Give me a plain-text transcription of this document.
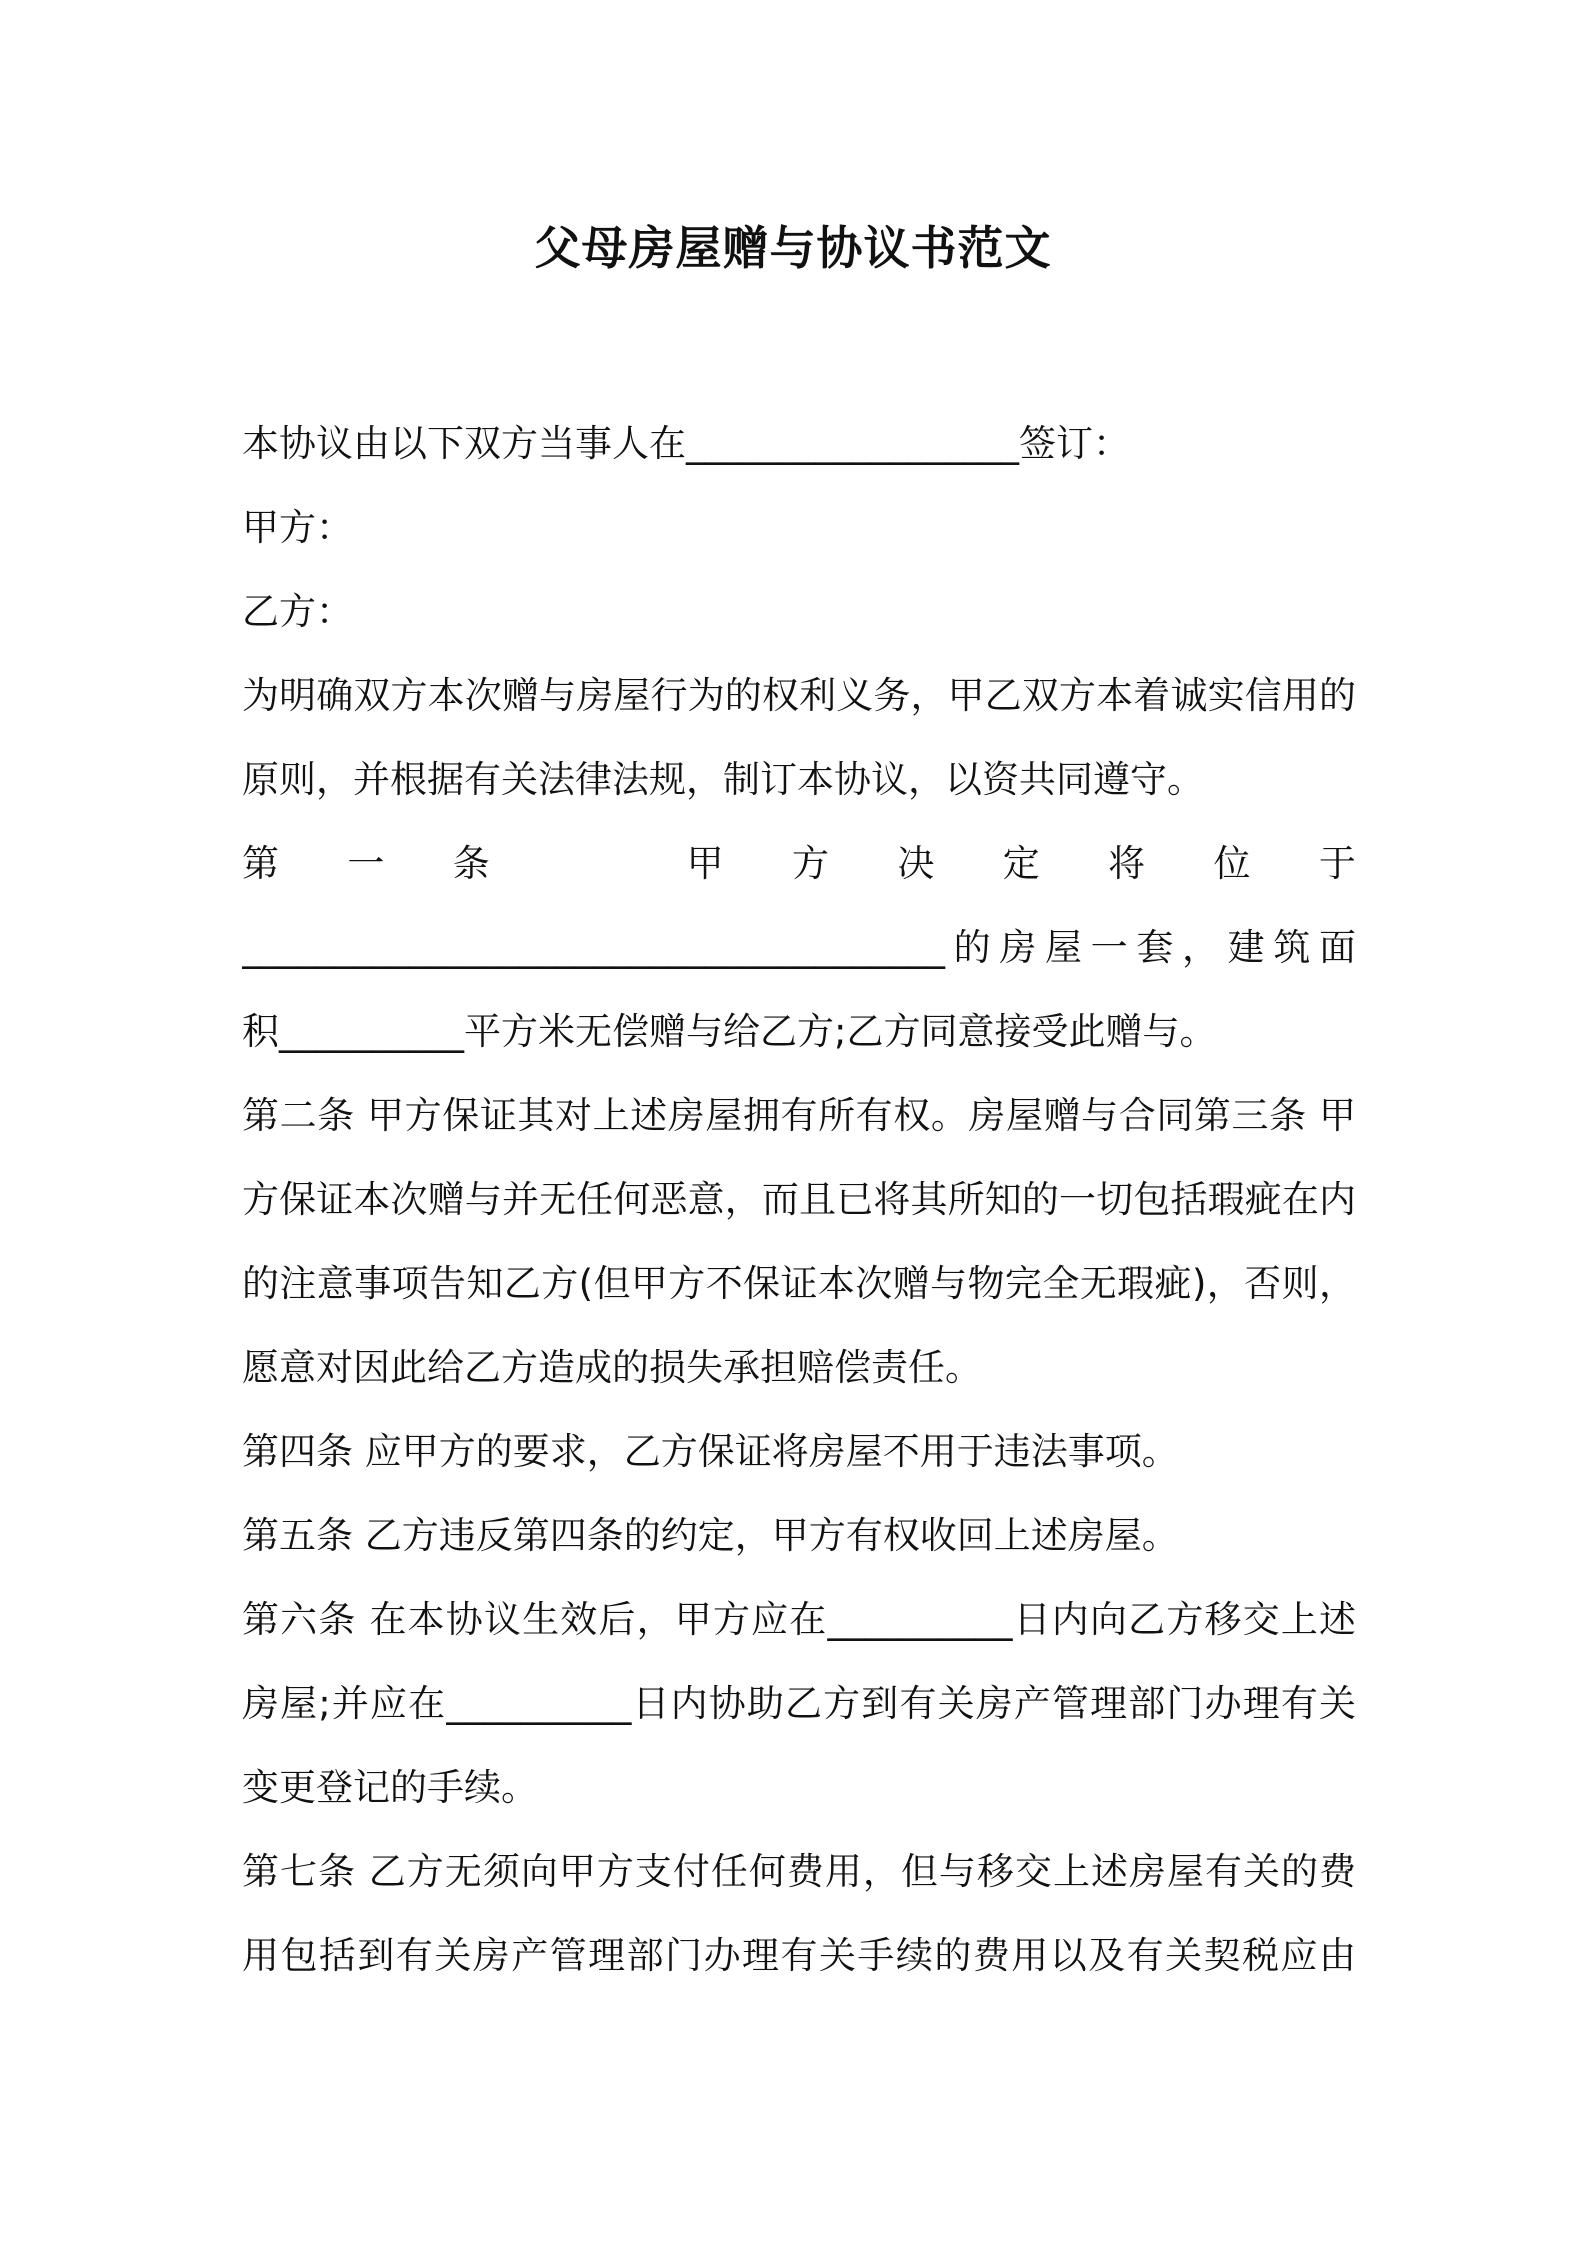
父母房屋赠与协议书范文
本协议由以下双方当事人在__________________签订：
甲方：
乙方：
为明确双方本次赠与房屋行为的权利义务，甲乙双方本着诚实信用的
原则，并根据有关法律法规，制订本协议，以资共同遵守。
第 一 条	甲 方 决 定 将 位 于
______________________________________的房屋一套，建筑面
积__________平方米无偿赠与给乙方;乙方同意接受此赠与。
第二条 甲方保证其对上述房屋拥有所有权。房屋赠与合同第三条 甲
方保证本次赠与并无任何恶意，而且已将其所知的一切包括瑕疵在内
的注意事项告知乙方(但甲方不保证本次赠与物完全无瑕疵)，否则，
愿意对因此给乙方造成的损失承担赔偿责任。
第四条 应甲方的要求，乙方保证将房屋不用于违法事项。
第五条 乙方违反第四条的约定，甲方有权收回上述房屋。
第六条 在本协议生效后，甲方应在__________日内向乙方移交上述
房屋;并应在__________日内协助乙方到有关房产管理部门办理有关
变更登记的手续。
第七条 乙方无须向甲方支付任何费用，但与移交上述房屋有关的费
用包括到有关房产管理部门办理有关手续的费用以及有关契税应由
